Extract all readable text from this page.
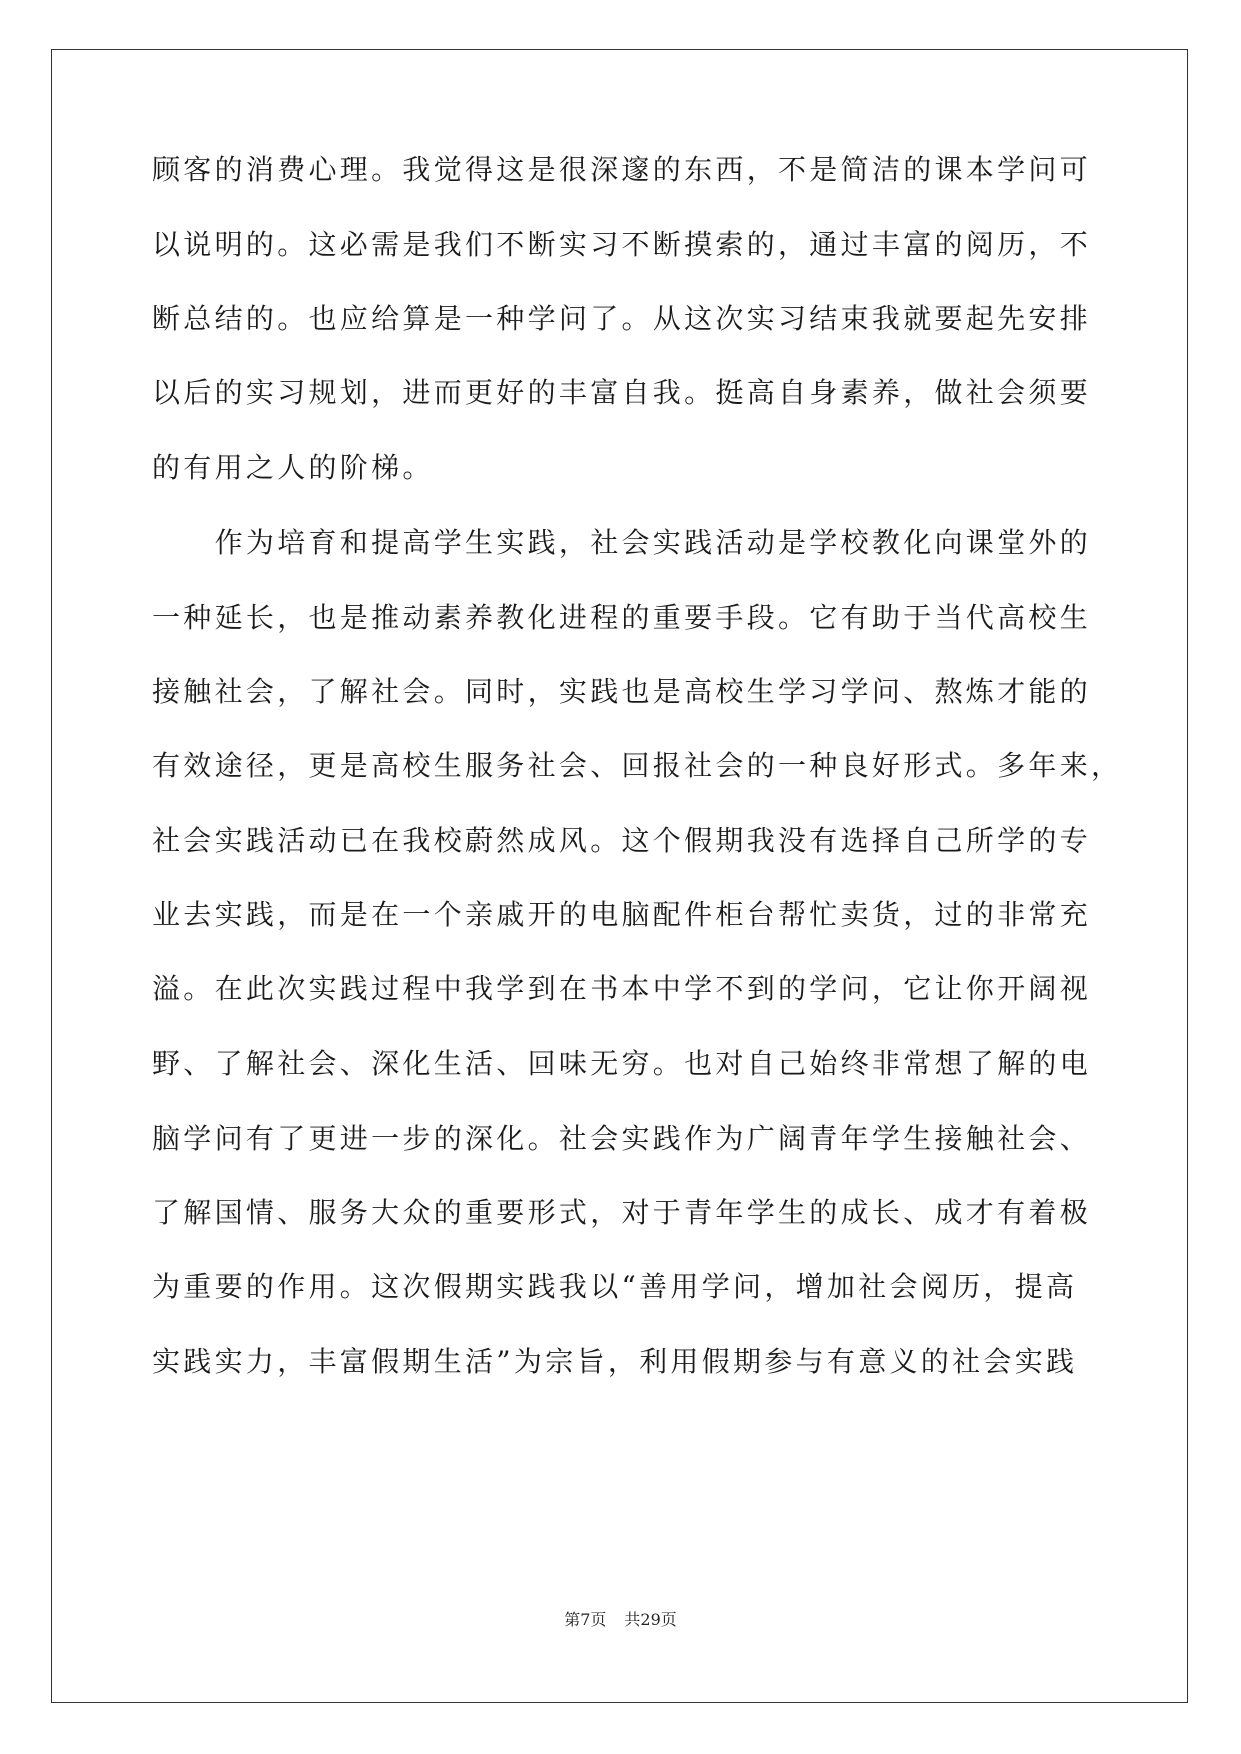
顾客的消费心理。我觉得这是很深邃的东西，不是简洁的课本学问可
以说明的。这必需是我们不断实习不断摸索的，通过丰富的阅历，不
断总结的。也应给算是一种学问了。从这次实习结束我就要起先安排
以后的实习规划，进而更好的丰富自我。挺高自身素养，做社会须要
的有用之人的阶梯。
　　作为培育和提高学生实践，社会实践活动是学校教化向课堂外的
一种延长，也是推动素养教化进程的重要手段。它有助于当代高校生
接触社会，了解社会。同时，实践也是高校生学习学问、熬炼才能的
有效途径，更是高校生服务社会、回报社会的一种良好形式。多年来，
社会实践活动已在我校蔚然成风。这个假期我没有选择自己所学的专
业去实践，而是在一个亲戚开的电脑配件柜台帮忙卖货，过的非常充
溢。在此次实践过程中我学到在书本中学不到的学问，它让你开阔视
野、了解社会、深化生活、回味无穷。也对自己始终非常想了解的电
脑学问有了更进一步的深化。社会实践作为广阔青年学生接触社会、
了解国情、服务大众的重要形式，对于青年学生的成长、成才有着极
为重要的作用。这次假期实践我以“善用学问，增加社会阅历，提高
实践实力，丰富假期生活”为宗旨，利用假期参与有意义的社会实践
第7页 共29页
